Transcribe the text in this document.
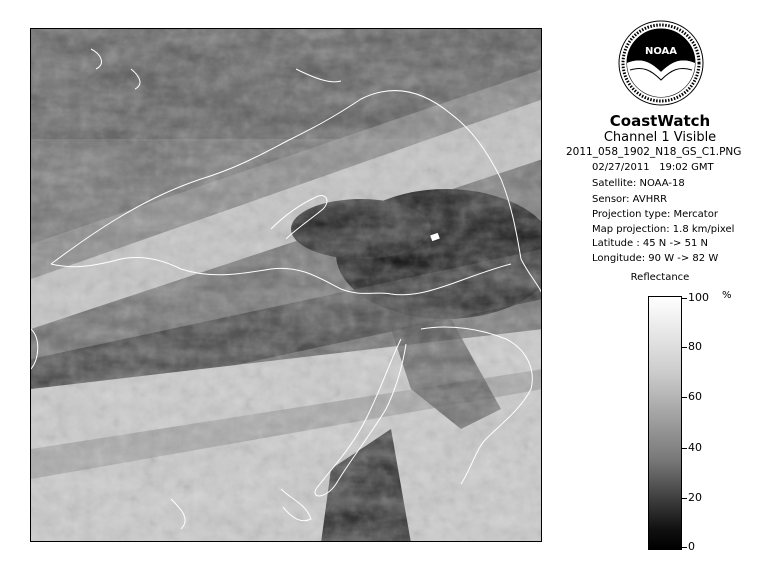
NOAA
CoastWatch
Channel 1 Visible
2011_058_1902_N18_GS_C1.PNG
02/27/2011 19:02 GMT
Satellite: NOAA-18
Sensor: AVHRR
Projection type: Mercator
Map projection: 1.8 km/pixel
Latitude : 45 N -> 51 N
Longitude: 90 W -> 82 W
Reflectance
%
100
80
60
40
20
0
